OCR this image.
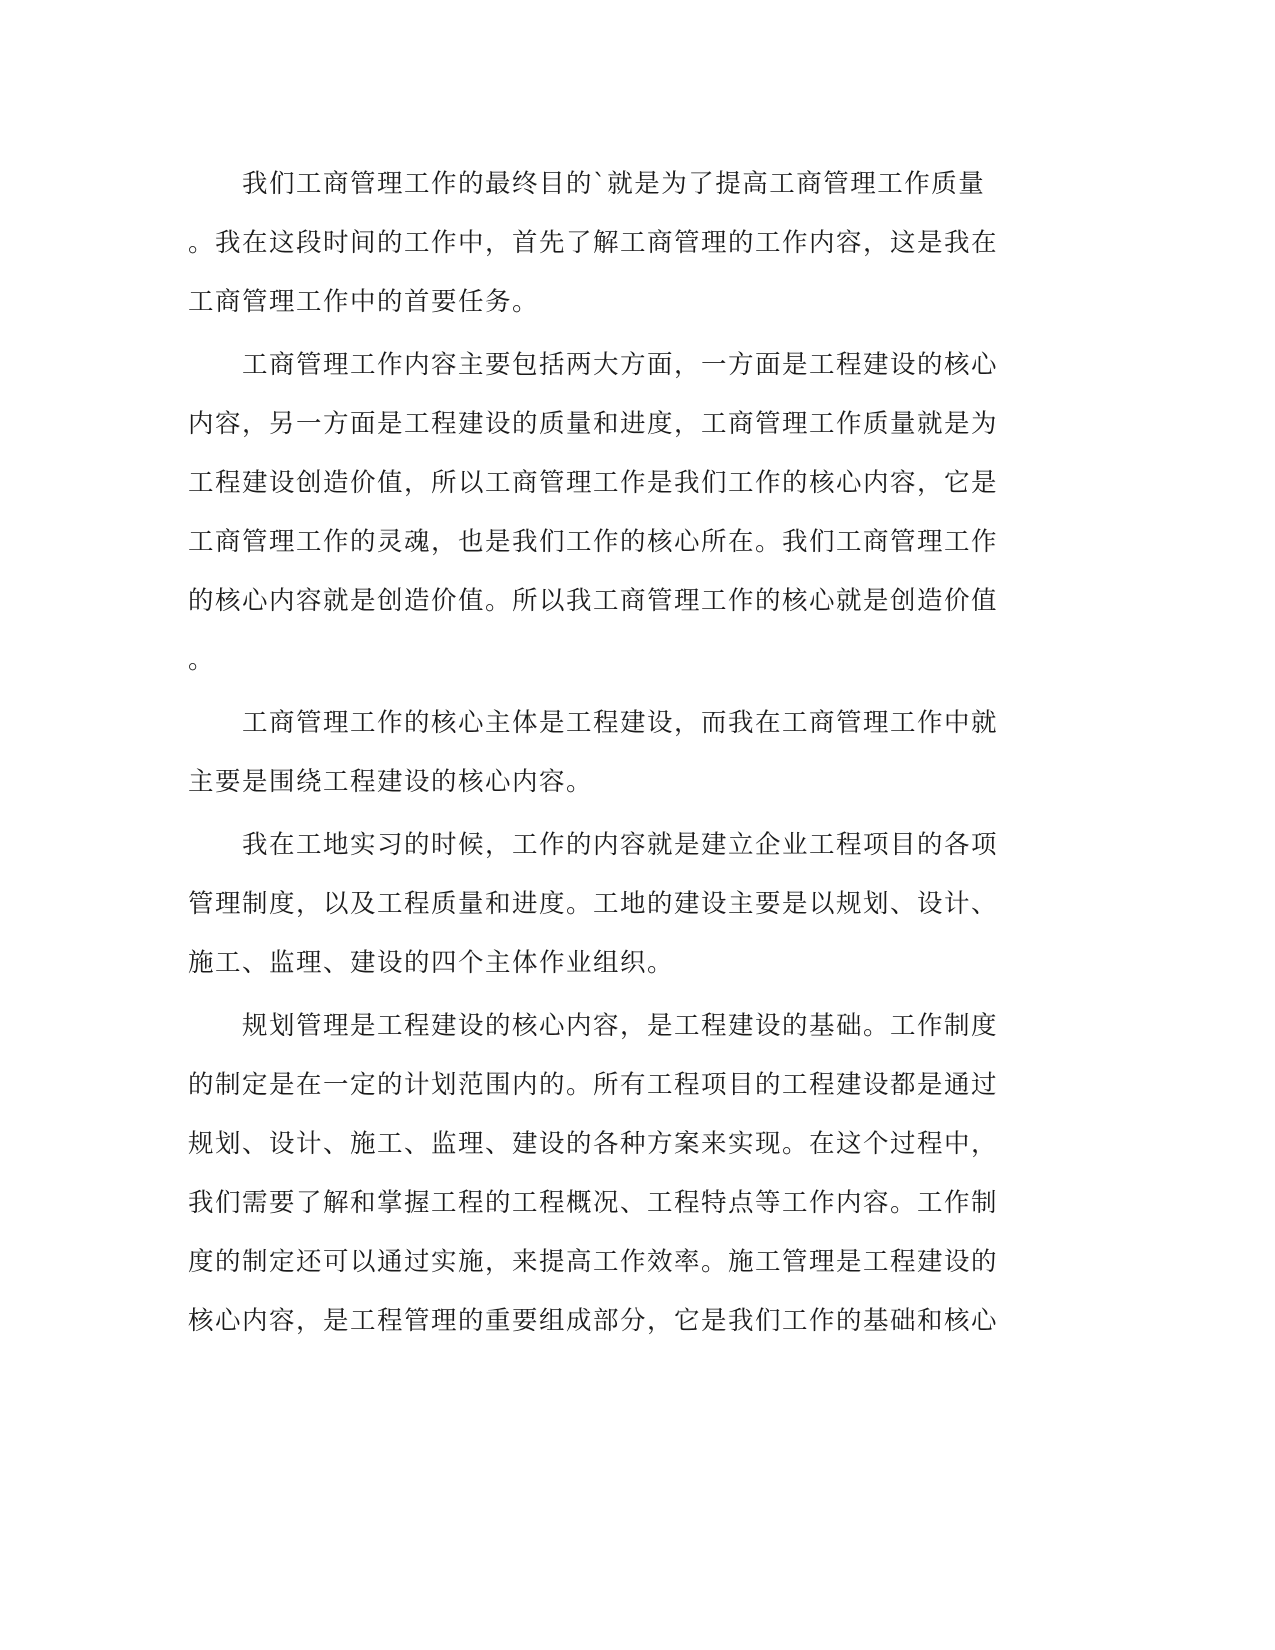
　　我们工商管理工作的最终目的`就是为了提高工商管理工作质量
。我在这段时间的工作中，首先了解工商管理的工作内容，这是我在
工商管理工作中的首要任务。
　　工商管理工作内容主要包括两大方面，一方面是工程建设的核心
内容，另一方面是工程建设的质量和进度，工商管理工作质量就是为
工程建设创造价值，所以工商管理工作是我们工作的核心内容，它是
工商管理工作的灵魂，也是我们工作的核心所在。我们工商管理工作
的核心内容就是创造价值。所以我工商管理工作的核心就是创造价值
。
　　工商管理工作的核心主体是工程建设，而我在工商管理工作中就
主要是围绕工程建设的核心内容。
　　我在工地实习的时候，工作的内容就是建立企业工程项目的各项
管理制度，以及工程质量和进度。工地的建设主要是以规划、设计、
施工、监理、建设的四个主体作业组织。
　　规划管理是工程建设的核心内容，是工程建设的基础。工作制度
的制定是在一定的计划范围内的。所有工程项目的工程建设都是通过
规划、设计、施工、监理、建设的各种方案来实现。在这个过程中，
我们需要了解和掌握工程的工程概况、工程特点等工作内容。工作制
度的制定还可以通过实施，来提高工作效率。施工管理是工程建设的
核心内容，是工程管理的重要组成部分，它是我们工作的基础和核心
